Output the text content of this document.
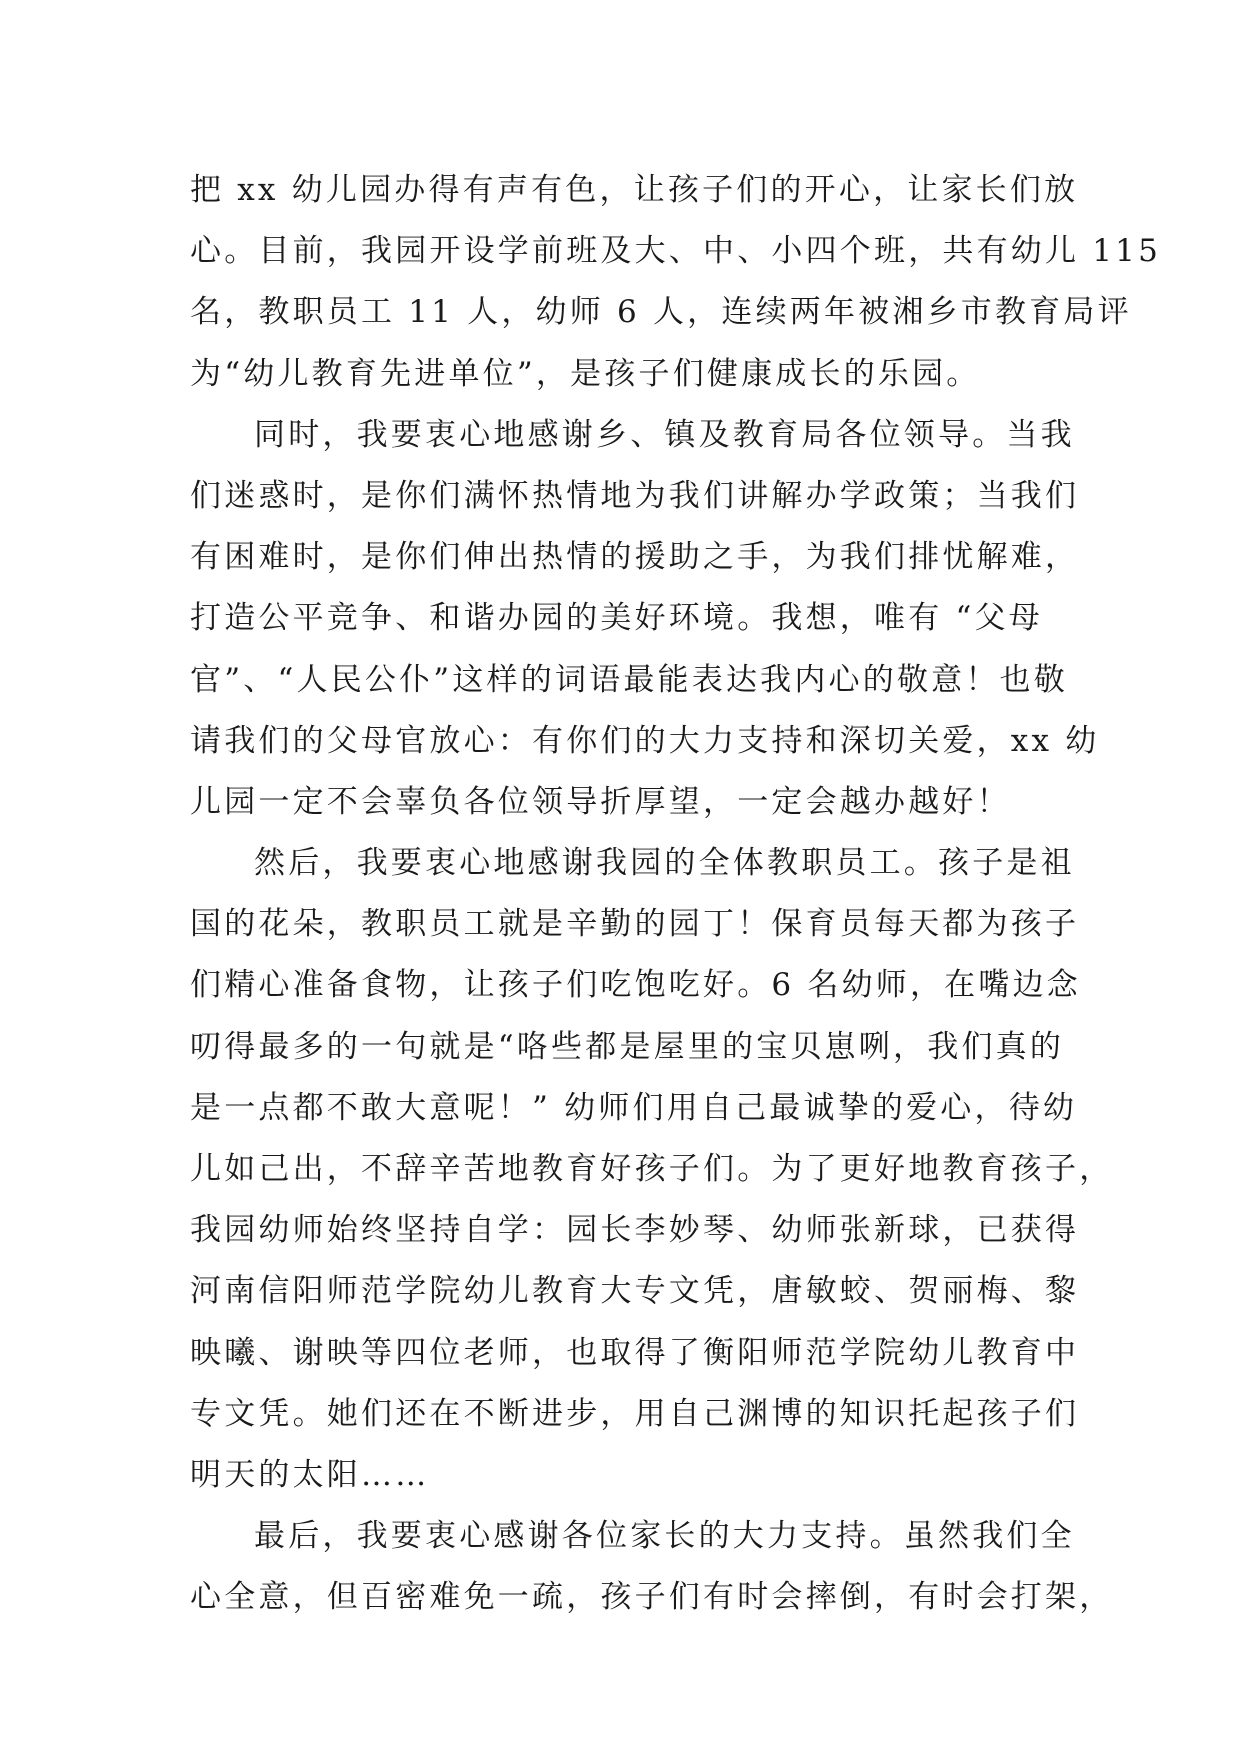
把 xx 幼儿园办得有声有色，让孩子们的开心，让家长们放
心。目前，我园开设学前班及大、中、小四个班，共有幼儿 115
名，教职员工 11 人，幼师 6 人，连续两年被湘乡市教育局评
为“幼儿教育先进单位”，是孩子们健康成长的乐园。
同时，我要衷心地感谢乡、镇及教育局各位领导。当我
们迷惑时，是你们满怀热情地为我们讲解办学政策；当我们
有困难时，是你们伸出热情的援助之手，为我们排忧解难，
打造公平竞争、和谐办园的美好环境。我想，唯有 “父母
官”、“人民公仆”这样的词语最能表达我内心的敬意！也敬
请我们的父母官放心：有你们的大力支持和深切关爱，xx 幼
儿园一定不会辜负各位领导折厚望，一定会越办越好！
然后，我要衷心地感谢我园的全体教职员工。孩子是祖
国的花朵，教职员工就是辛勤的园丁！保育员每天都为孩子
们精心准备食物，让孩子们吃饱吃好。6 名幼师，在嘴边念
叨得最多的一句就是“咯些都是屋里的宝贝崽咧，我们真的
是一点都不敢大意呢！” 幼师们用自己最诚挚的爱心，待幼
儿如己出，不辞辛苦地教育好孩子们。为了更好地教育孩子，
我园幼师始终坚持自学：园长李妙琴、幼师张新球，已获得
河南信阳师范学院幼儿教育大专文凭，唐敏蛟、贺丽梅、黎
映曦、谢映等四位老师，也取得了衡阳师范学院幼儿教育中
专文凭。她们还在不断进步，用自己渊博的知识托起孩子们
明天的太阳……
最后，我要衷心感谢各位家长的大力支持。虽然我们全
心全意，但百密难免一疏，孩子们有时会摔倒，有时会打架，
